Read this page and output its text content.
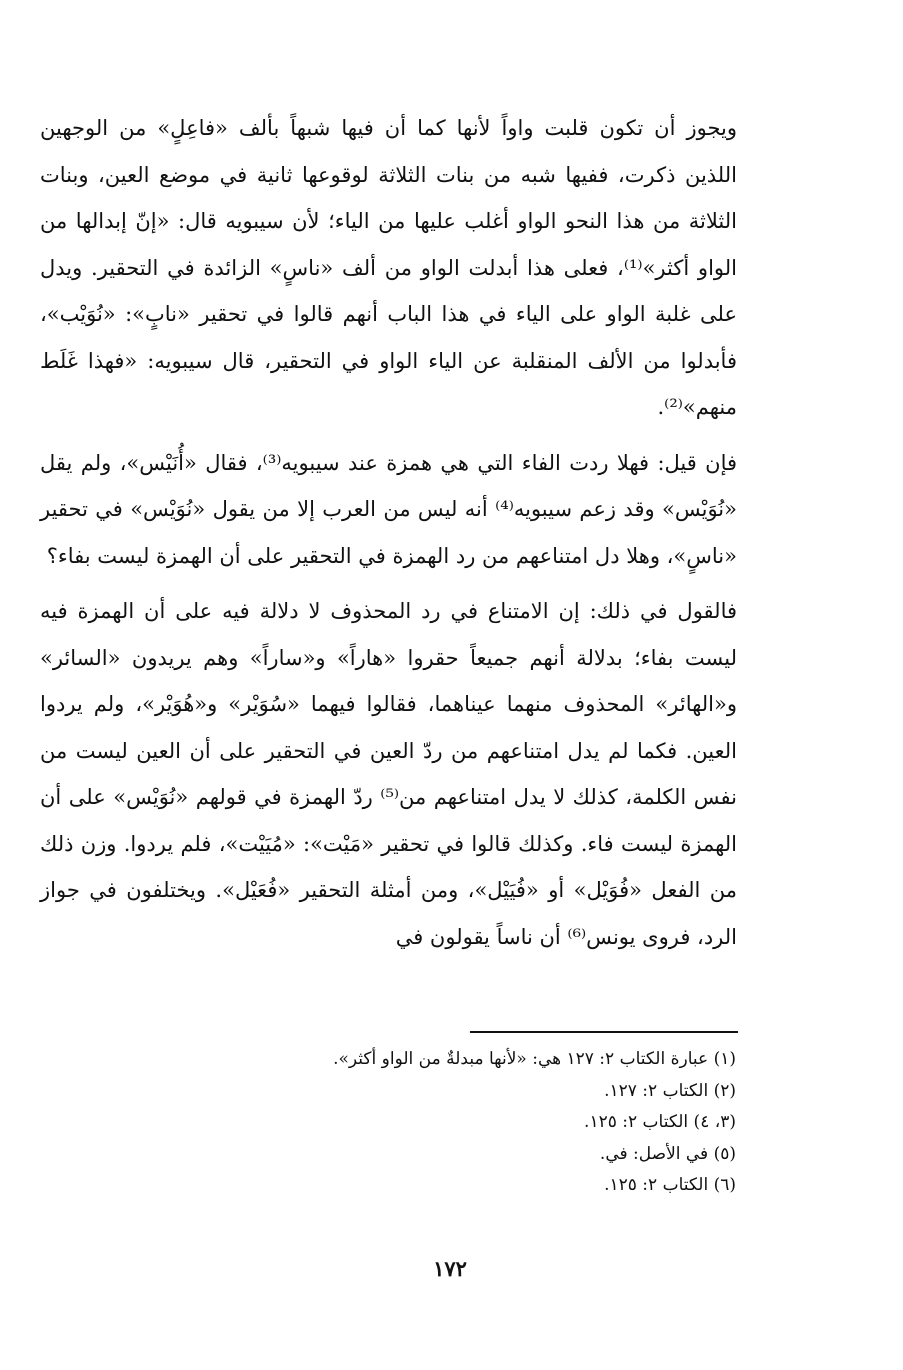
ويجوز أن تكون قلبت واواً لأنها كما أن فيها شبهاً بألف «فاعِلٍ» من الوجهين اللذين ذكرت، ففيها شبه من بنات الثلاثة لوقوعها ثانية في موضع العين، وبنات الثلاثة من هذا النحو الواو أغلب عليها من الياء؛ لأن سيبويه قال: «إنّ إبدالها من الواو أكثر»⁽¹⁾، فعلى هذا أبدلت الواو من ألف «ناسٍ» الزائدة في التحقير. ويدل على غلبة الواو على الياء في هذا الباب أنهم قالوا في تحقير «نابٍ»: «نُوَيْب»، فأبدلوا من الألف المنقلبة عن الياء الواو في التحقير، قال سيبويه: «فهذا غَلَط منهم»⁽²⁾.

فإن قيل: فهلا ردت الفاء التي هي همزة عند سيبويه⁽³⁾، فقال «أُنَيْس»، ولم يقل «نُوَيْس» وقد زعم سيبويه⁽⁴⁾ أنه ليس من العرب إلا من يقول «نُوَيْس» في تحقير «ناسٍ»، وهلا دل امتناعهم من رد الهمزة في التحقير على أن الهمزة ليست بفاء؟

فالقول في ذلك: إن الامتناع في رد المحذوف لا دلالة فيه على أن الهمزة فيه ليست بفاء؛ بدلالة أنهم جميعاً حقروا «هاراً» و«ساراً» وهم يريدون «السائر» و«الهائر» المحذوف منهما عيناهما، فقالوا فيهما «سُوَيْر» و«هُوَيْر»، ولم يردوا العين. فكما لم يدل امتناعهم من ردّ العين في التحقير على أن العين ليست من نفس الكلمة، كذلك لا يدل امتناعهم من⁽⁵⁾ ردّ الهمزة في قولهم «نُوَيْس» على أن الهمزة ليست فاء. وكذلك قالوا في تحقير «مَيْت»: «مُيَيْت»، فلم يردوا. وزن ذلك من الفعل «فُوَيْل» أو «فُيَيْل»، ومن أمثلة التحقير «فُعَيْل». ويختلفون في جواز الرد، فروى يونس⁽⁶⁾ أن ناساً يقولون في

(١) عبارة الكتاب ٢: ١٢٧ هي: «لأنها مبدلةٌ من الواو أكثر».

(٢) الكتاب ٢: ١٢٧.

(٣، ٤) الكتاب ٢: ١٢٥.

(٥) في الأصل: في.

(٦) الكتاب ٢: ١٢٥.

١٧٢
